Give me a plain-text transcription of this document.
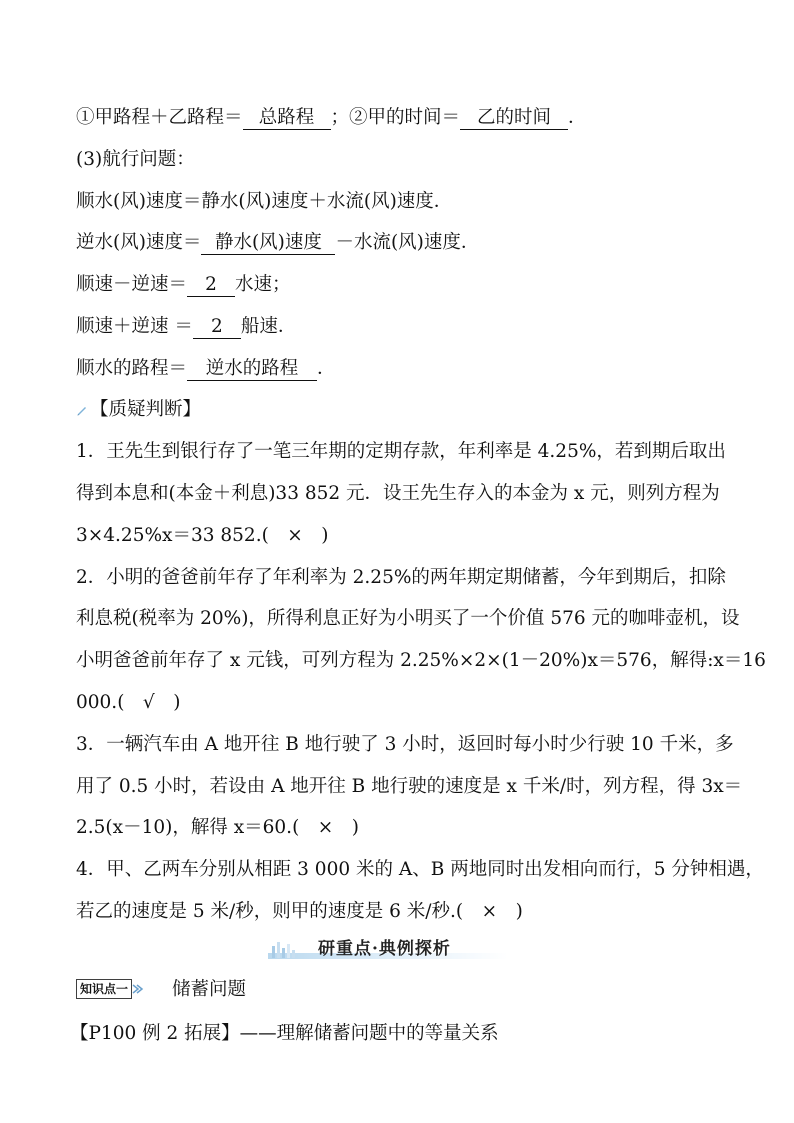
①甲路程＋乙路程＝ 总路程 ；②甲的时间＝ 乙的时间 ．
(3)航行问题：
顺水(风)速度＝静水(风)速度＋水流(风)速度．
逆水(风)速度＝ 静水(风)速度 －水流(风)速度．
顺速－逆速＝ 2 水速；
顺速＋逆速 ＝ 2 船速．
顺水的路程＝ 逆水的路程 ．
【质疑判断】
1．王先生到银行存了一笔三年期的定期存款，年利率是 4.25%，若到期后取出
得到本息和(本金＋利息)33 852 元．设王先生存入的本金为 x 元，则列方程为
3×4.25%x＝33 852.(　×　)
2．小明的爸爸前年存了年利率为 2.25%的两年期定期储蓄，今年到期后，扣除
利息税(税率为 20%)，所得利息正好为小明买了一个价值 576 元的咖啡壶机，设
小明爸爸前年存了 x 元钱，可列方程为 2.25%×2×(1－20%)x＝576，解得:x＝16
000.(　√　)
3．一辆汽车由 A 地开往 B 地行驶了 3 小时，返回时每小时少行驶 10 千米，多
用了 0.5 小时，若设由 A 地开往 B 地行驶的速度是 x 千米/时，列方程，得 3x＝
2.5(x－10)，解得 x＝60.(　×　)
4．甲、乙两车分别从相距 3 000 米的 A、B 两地同时出发相向而行，5 分钟相遇，
若乙的速度是 5 米/秒，则甲的速度是 6 米/秒.(　×　)
研重点·典例探析
知识点一 储蓄问题
【P100 例 2 拓展】——理解储蓄问题中的等量关系
